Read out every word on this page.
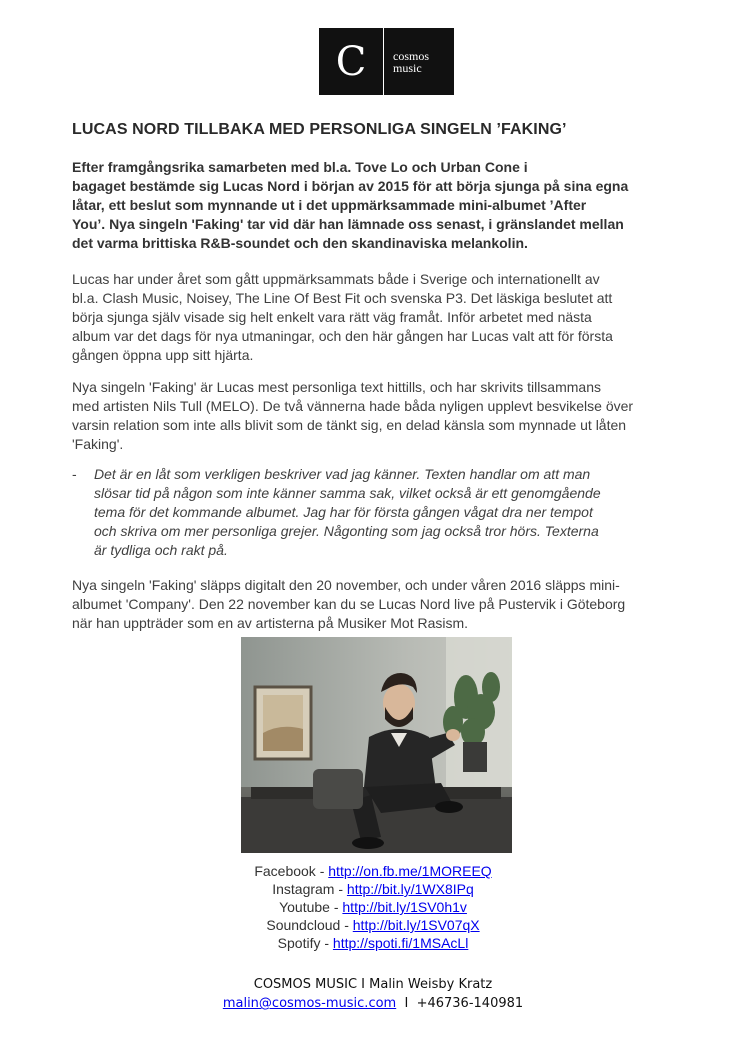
C	cosmos
music
LUCAS NORD TILLBAKA MED PERSONLIGA SINGELN ’FAKING’

Efter framgångsrika samarbeten med bl.a. Tove Lo och Urban Cone i
bagaget bestämde sig Lucas Nord i början av 2015 för att börja sjunga på sina egna
låtar, ett beslut som mynnande ut i det uppmärksammade mini-albumet ’After
You’. Nya singeln 'Faking' tar vid där han lämnade oss senast, i gränslandet mellan
det varma brittiska R&B-soundet och den skandinaviska melankolin.

Lucas har under året som gått uppmärksammats både i Sverige och internationellt av
bl.a. Clash Music, Noisey, The Line Of Best Fit och svenska P3. Det läskiga beslutet att
börja sjunga själv visade sig helt enkelt vara rätt väg framåt. Inför arbetet med nästa
album var det dags för nya utmaningar, och den här gången har Lucas valt att för första
gången öppna upp sitt hjärta.

Nya singeln 'Faking' är Lucas mest personliga text hittills, och har skrivits tillsammans
med artisten Nils Tull (MELO). De två vännerna hade båda nyligen upplevt besvikelse över
varsin relation som inte alls blivit som de tänkt sig, en delad känsla som mynnade ut låten
'Faking'.

- Det är en låt som verkligen beskriver vad jag känner. Texten handlar om att man
slösar tid på någon som inte känner samma sak, vilket också är ett genomgående
tema för det kommande albumet. Jag har för första gången vågat dra ner tempot
och skriva om mer personliga grejer. Någonting som jag också tror hörs. Texterna
är tydliga och rakt på.

Nya singeln 'Faking' släpps digitalt den 20 november, och under våren 2016 släpps mini-
albumet 'Company'. Den 22 november kan du se Lucas Nord live på Pustervik i Göteborg
när han uppträder som en av artisterna på Musiker Mot Rasism.

Facebook - http://on.fb.me/1MOREEQ
Instagram - http://bit.ly/1WX8IPq
Youtube - http://bit.ly/1SV0h1v
Soundcloud - http://bit.ly/1SV07qX
Spotify - http://spoti.fi/1MSAcLl
COSMOS MUSIC I Malin Weisby Kratz
malin@cosmos-music.com  I  +46736-140981
